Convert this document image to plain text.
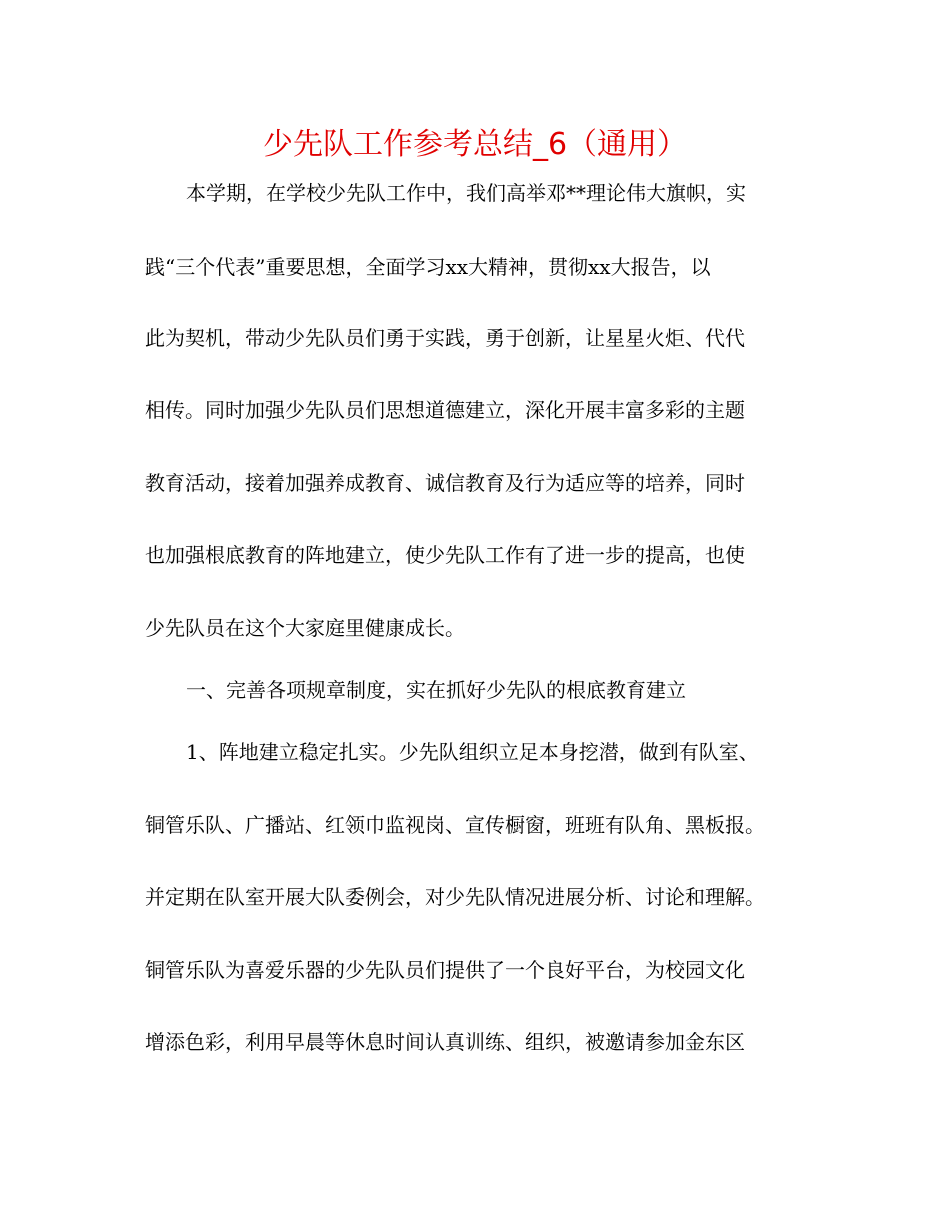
少先队工作参考总结_6（通用）
本学期，在学校少先队工作中，我们高举邓**理论伟大旗帜，实
践“三个代表”重要思想，全面学习xx大精神，贯彻xx大报告，以
此为契机，带动少先队员们勇于实践，勇于创新，让星星火炬、代代
相传。同时加强少先队员们思想道德建立，深化开展丰富多彩的主题
教育活动，接着加强养成教育、诚信教育及行为适应等的培养，同时
也加强根底教育的阵地建立，使少先队工作有了进一步的提高，也使
少先队员在这个大家庭里健康成长。
一、完善各项规章制度，实在抓好少先队的根底教育建立
1、阵地建立稳定扎实。少先队组织立足本身挖潜，做到有队室、
铜管乐队、广播站、红领巾监视岗、宣传橱窗，班班有队角、黑板报。
并定期在队室开展大队委例会，对少先队情况进展分析、讨论和理解。
铜管乐队为喜爱乐器的少先队员们提供了一个良好平台，为校园文化
增添色彩，利用早晨等休息时间认真训练、组织，被邀请参加金东区
